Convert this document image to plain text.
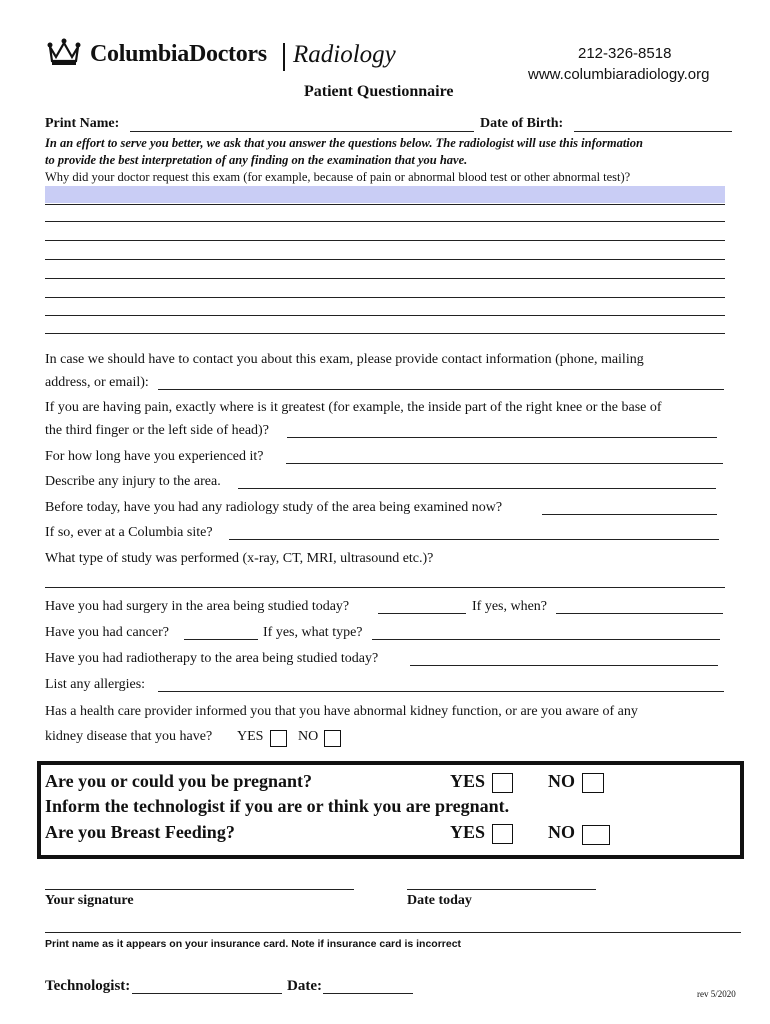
ColumbiaDoctors Radiology	212-326-8518
www.columbiaradiology.org
Patient Questionnaire
Print Name:	Date of Birth:
In an effort to serve you better, we ask that you answer the questions below. The radiologist will use this information
to provide the best interpretation of any finding on the examination that you have.
Why did your doctor request this exam (for example, because of pain or abnormal blood test or other abnormal test)?
In case we should have to contact you about this exam, please provide contact information (phone, mailing
address, or email):
If you are having pain, exactly where is it greatest (for example, the inside part of the right knee or the base of
the third finger or the left side of head)?
For how long have you experienced it?
Describe any injury to the area.
Before today, have you had any radiology study of the area being examined now?
If so, ever at a Columbia site?
What type of study was performed (x-ray, CT, MRI, ultrasound etc.)?
Have you had surgery in the area being studied today?	If yes, when?
Have you had cancer?	If yes, what type?
Have you had radiotherapy to the area being studied today?
List any allergies:
Has a health care provider informed you that you have abnormal kidney function, or are you aware of any
kidney disease that you have? YES NO
Are you or could you be pregnant?	YES	NO
Inform the technologist if you are or think you are pregnant.
Are you Breast Feeding?	YES	NO
Your signature	Date today
Print name as it appears on your insurance card. Note if insurance card is incorrect
Technologist:	Date:	rev 5/2020
